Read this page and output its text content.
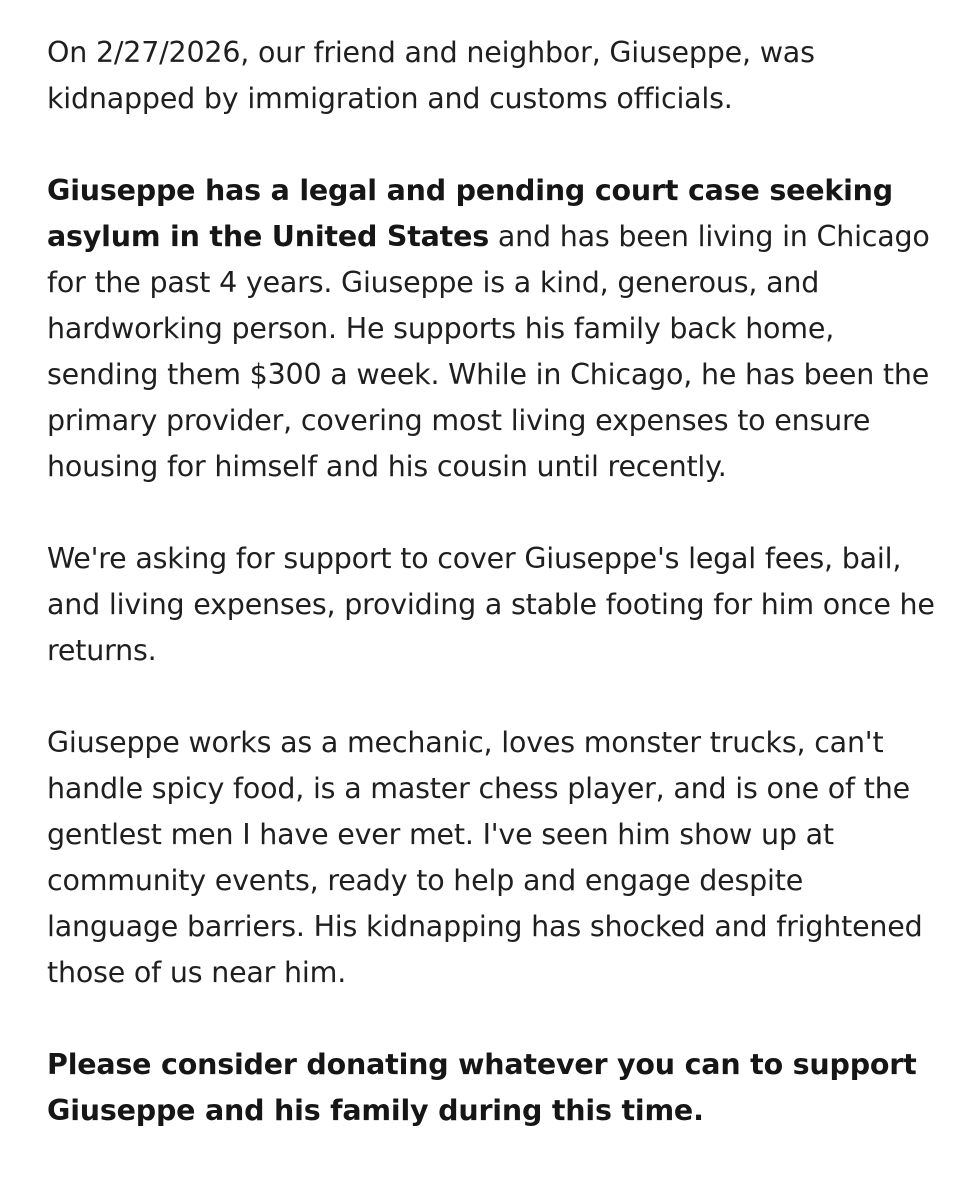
On 2/27/2026, our friend and neighbor, Giuseppe, was kidnapped by immigration and customs officials.

Giuseppe has a legal and pending court case seeking asylum in the United States and has been living in Chicago for the past 4 years. Giuseppe is a kind, generous, and hardworking person. He supports his family back home, sending them $300 a week. While in Chicago, he has been the primary provider, covering most living expenses to ensure housing for himself and his cousin until recently.

We're asking for support to cover Giuseppe's legal fees, bail, and living expenses, providing a stable footing for him once he returns.

Giuseppe works as a mechanic, loves monster trucks, can't handle spicy food, is a master chess player, and is one of the gentlest men I have ever met. I've seen him show up at community events, ready to help and engage despite language barriers. His kidnapping has shocked and frightened those of us near him.

Please consider donating whatever you can to support Giuseppe and his family during this time.
